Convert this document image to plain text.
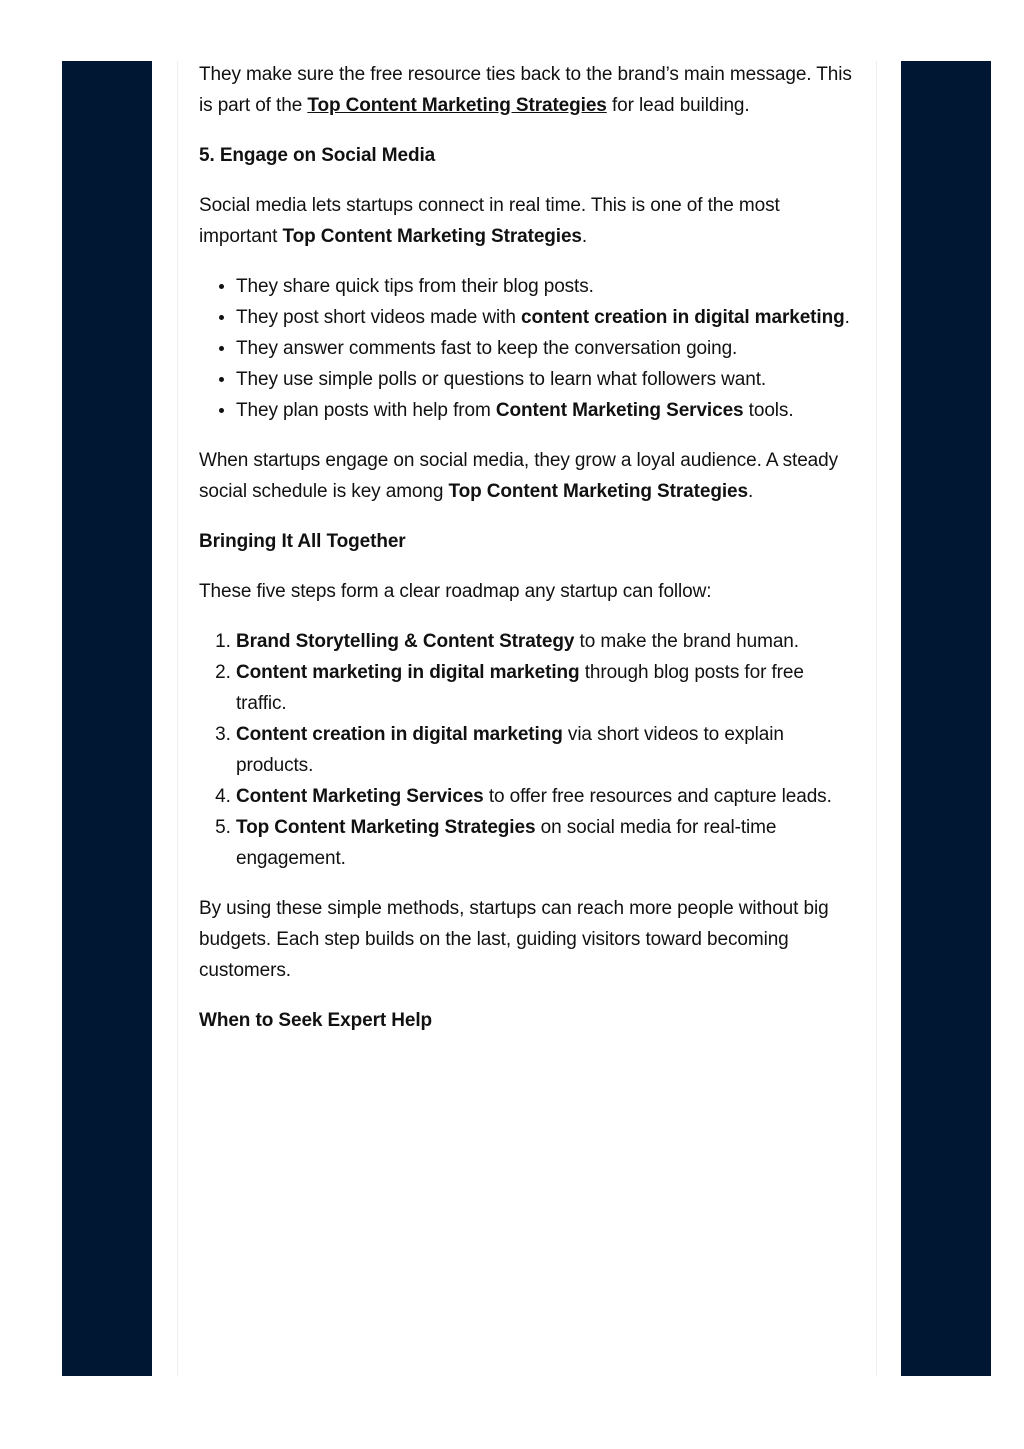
They make sure the free resource ties back to the brand’s main message. This is part of the Top Content Marketing Strategies for lead building.

5. Engage on Social Media

Social media lets startups connect in real time. This is one of the most important Top Content Marketing Strategies.

• They share quick tips from their blog posts.
• They post short videos made with content creation in digital marketing.
• They answer comments fast to keep the conversation going.
• They use simple polls or questions to learn what followers want.
• They plan posts with help from Content Marketing Services tools.

When startups engage on social media, they grow a loyal audience. A steady social schedule is key among Top Content Marketing Strategies.

Bringing It All Together

These five steps form a clear roadmap any startup can follow:

1. Brand Storytelling & Content Strategy to make the brand human.
2. Content marketing in digital marketing through blog posts for free traffic.
3. Content creation in digital marketing via short videos to explain products.
4. Content Marketing Services to offer free resources and capture leads.
5. Top Content Marketing Strategies on social media for real-time engagement.

By using these simple methods, startups can reach more people without big budgets. Each step builds on the last, guiding visitors toward becoming customers.

When to Seek Expert Help
